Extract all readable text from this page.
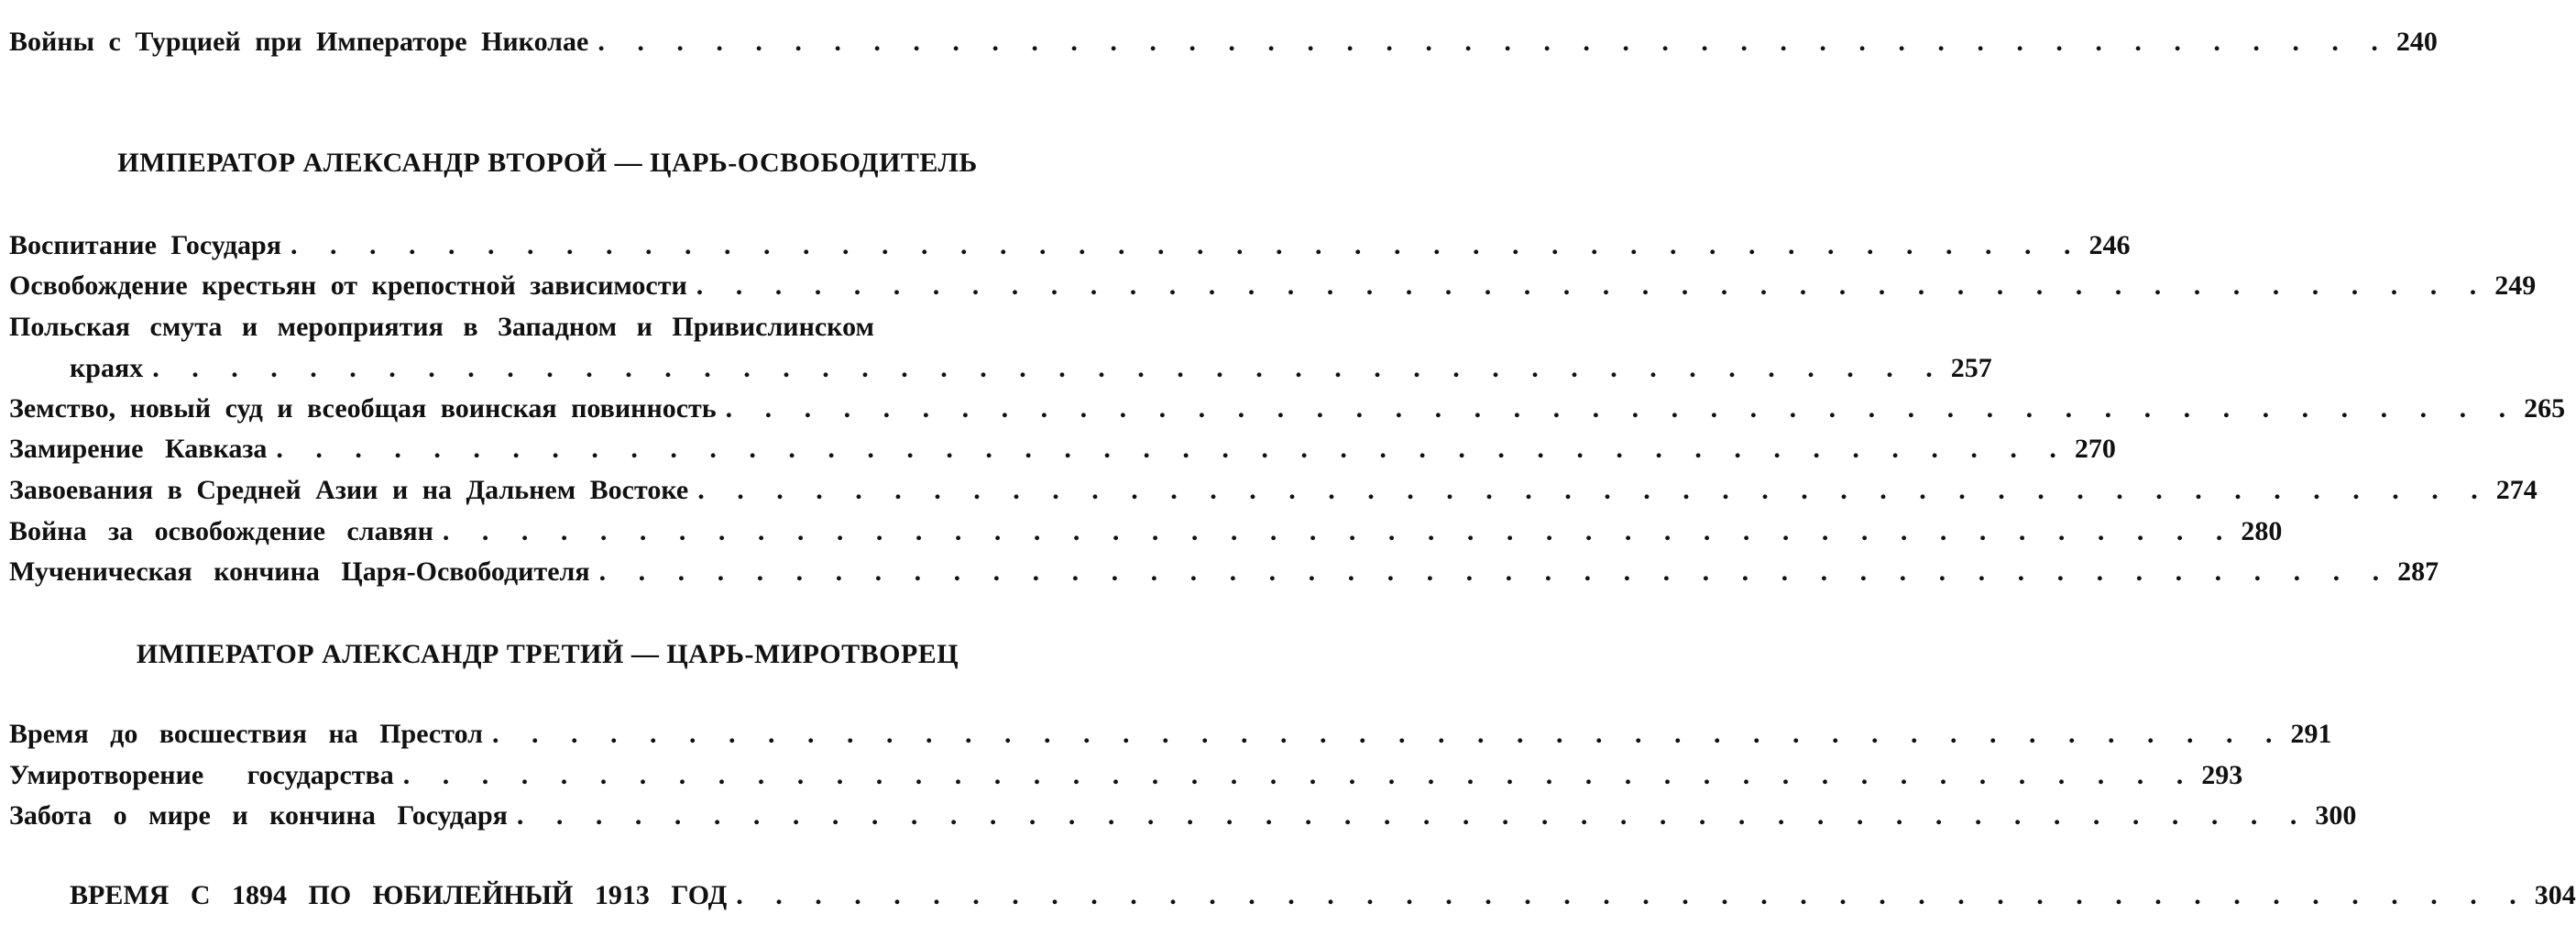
Войны с Турцией при Императоре Николае . . . . . . . . . . . . . . . . . . . . . . . . . . . . . . . . . . . . . . . . . . . . . . 240
ИМПЕРАТОР АЛЕКСАНДР ВТОРОЙ — ЦАРЬ-ОСВОБОДИТЕЛЬ
Воспитание Государя . . . . . . . . . . . . . . . . . . . . . . . . . . . . . . . . . . . . . . . . . . . . . . 246
Освобождение крестьян от крепостной зависимости . . . . . . . . . . . . . . . . . . . . . . . . . . . . . . . . . . . . . . . . . . . . . . 249
Польская смута и мероприятия в Западном и Привислинском
краях . . . . . . . . . . . . . . . . . . . . . . . . . . . . . . . . . . . . . . . . . . . . . . 257
Земство, новый суд и всеобщая воинская повинность . . . . . . . . . . . . . . . . . . . . . . . . . . . . . . . . . . . . . . . . . . . . . . 265
Замирение Кавказа . . . . . . . . . . . . . . . . . . . . . . . . . . . . . . . . . . . . . . . . . . . . . . 270
Завоевания в Средней Азии и на Дальнем Востоке . . . . . . . . . . . . . . . . . . . . . . . . . . . . . . . . . . . . . . . . . . . . . . 274
Война за освобождение славян . . . . . . . . . . . . . . . . . . . . . . . . . . . . . . . . . . . . . . . . . . . . . . 280
Мученическая кончина Царя-Освободителя . . . . . . . . . . . . . . . . . . . . . . . . . . . . . . . . . . . . . . . . . . . . . . 287
ИМПЕРАТОР АЛЕКСАНДР ТРЕТИЙ — ЦАРЬ-МИРОТВОРЕЦ
Время до восшествия на Престол . . . . . . . . . . . . . . . . . . . . . . . . . . . . . . . . . . . . . . . . . . . . . . 291
Умиротворение государства . . . . . . . . . . . . . . . . . . . . . . . . . . . . . . . . . . . . . . . . . . . . . . 293
Забота о мире и кончина Государя . . . . . . . . . . . . . . . . . . . . . . . . . . . . . . . . . . . . . . . . . . . . . . 300
ВРЕМЯ С 1894 ПО ЮБИЛЕЙНЫЙ 1913 ГОД . . . . . . . . . . . . . . . . . . . . . . . . . . . . . . . . . . . . . . . . . . . . . . 304
